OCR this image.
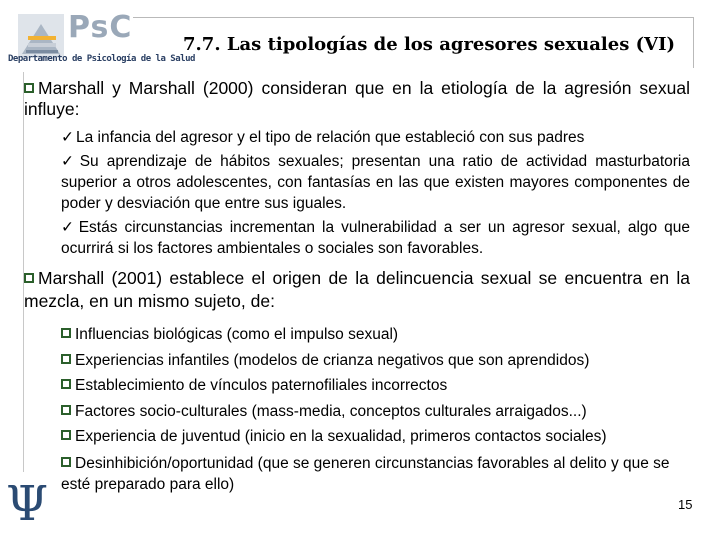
PsC
Departamento de Psicología de la Salud
7.7. Las tipologías de los agresores sexuales (VI)

Marshall y Marshall (2000) consideran que en la etiología de la agresión sexual influye:

✓ La infancia del agresor y el tipo de relación que estableció con sus padres

✓ Su aprendizaje de hábitos sexuales; presentan una ratio de actividad masturbatoria superior a otros adolescentes, con fantasías en las que existen mayores componentes de poder y desviación que entre sus iguales.

✓ Estás circunstancias incrementan la vulnerabilidad a ser un agresor sexual, algo que ocurrirá si los factores ambientales o sociales son favorables.

Marshall (2001) establece el origen de la delincuencia sexual se encuentra en la mezcla, en un mismo sujeto, de:

Influencias biológicas (como el impulso sexual)

Experiencias infantiles (modelos de crianza negativos que son aprendidos)

Establecimiento de vínculos paternofiliales incorrectos

Factores socio-culturales (mass-media, conceptos culturales arraigados...)

Experiencia de juventud (inicio en la sexualidad, primeros contactos sociales)

Desinhibición/oportunidad (que se generen circunstancias favorables al delito y que se esté preparado para ello)

Ψ	15
